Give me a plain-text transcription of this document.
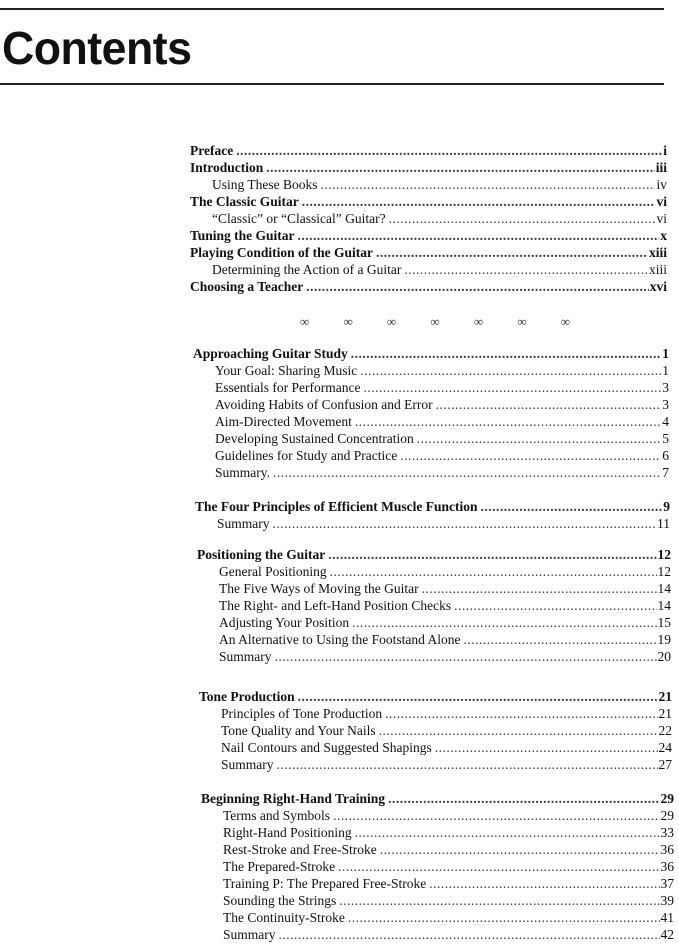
Contents
Preface .....	i
Introduction .....	iii
Using These Books .....	iv
The Classic Guitar .....	vi
“Classic” or “Classical” Guitar? .....	vi
Tuning the Guitar .....	x
Playing Condition of the Guitar .....	xiii
Determining the Action of a Guitar .....	xiii
Choosing a Teacher .....	xvi
∞	∞	∞	∞	∞	∞	∞
Approaching Guitar Study .....	1
Your Goal: Sharing Music .....	1
Essentials for Performance .....	3
Avoiding Habits of Confusion and Error .....	3
Aim-Directed Movement .....	4
Developing Sustained Concentration .....	5
Guidelines for Study and Practice .....	6
Summary. .....	7
The Four Principles of Efficient Muscle Function .....	9
Summary .....	11
Positioning the Guitar .....	12
General Positioning .....	12
The Five Ways of Moving the Guitar .....	14
The Right- and Left-Hand Position Checks .....	14
Adjusting Your Position .....	15
An Alternative to Using the Footstand Alone .....	19
Summary .....	20
Tone Production .....	21
Principles of Tone Production .....	21
Tone Quality and Your Nails .....	22
Nail Contours and Suggested Shapings .....	24
Summary .....	27
Beginning Right-Hand Training .....	29
Terms and Symbols .....	29
Right-Hand Positioning .....	33
Rest-Stroke and Free-Stroke .....	36
The Prepared-Stroke .....	36
Training P: The Prepared Free-Stroke .....	37
Sounding the Strings .....	39
The Continuity-Stroke .....	41
Summary .....	42
